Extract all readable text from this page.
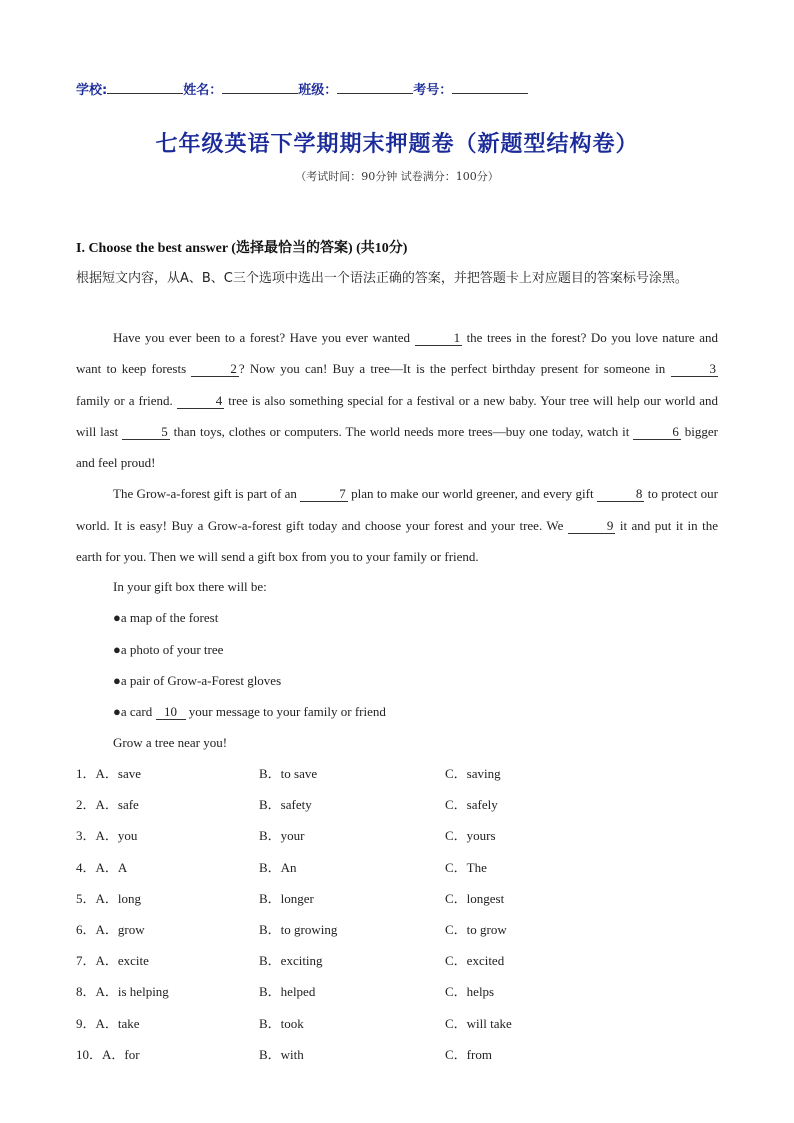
学校:	姓名：	班级：	考号：
七年级英语下学期期末押题卷（新题型结构卷）
（考试时间：90分钟 试卷满分：100分）
I. Choose the best answer (选择最恰当的答案) (共10分)
根据短文内容，从A、B、C三个选项中选出一个语法正确的答案，并把答题卡上对应题目的答案标号涂黑。

Have you ever been to a forest? Have you ever wanted	1 the trees in the forest? Do you love nature and want to keep forests	2 ? Now you can! Buy a tree—It is the perfect birthday present for someone in	3 family or a friend.	4 tree is also something special for a festival or a new baby. Your tree will help our world and will last	5 than toys, clothes or computers. The world needs more trees—buy one today, watch it	6 bigger and feel proud!

The Grow-a-forest gift is part of an	7 plan to make our world greener, and every gift	8 to protect our world. It is easy! Buy a Grow-a-forest gift today and choose your forest and your tree. We	9 it and put it in the earth for you. Then we will send a gift box from you to your family or friend.

In your gift box there will be:
●a map of the forest
●a photo of your tree
●a pair of Grow-a-Forest gloves
●a card 10 your message to your family or friend
Grow a tree near you!
1．A．save	B．to save	C．saving
2．A．safe	B．safety	C．safely
3．A．you	B．your	C．yours
4．A．A	B．An	C．The
5．A．long	B．longer	C．longest
6．A．grow	B．to growing	C．to grow
7．A．excite	B．exciting	C．excited
8．A．is helping	B．helped	C．helps
9．A．take	B．took	C．will take
10．A．for	B．with	C．from
